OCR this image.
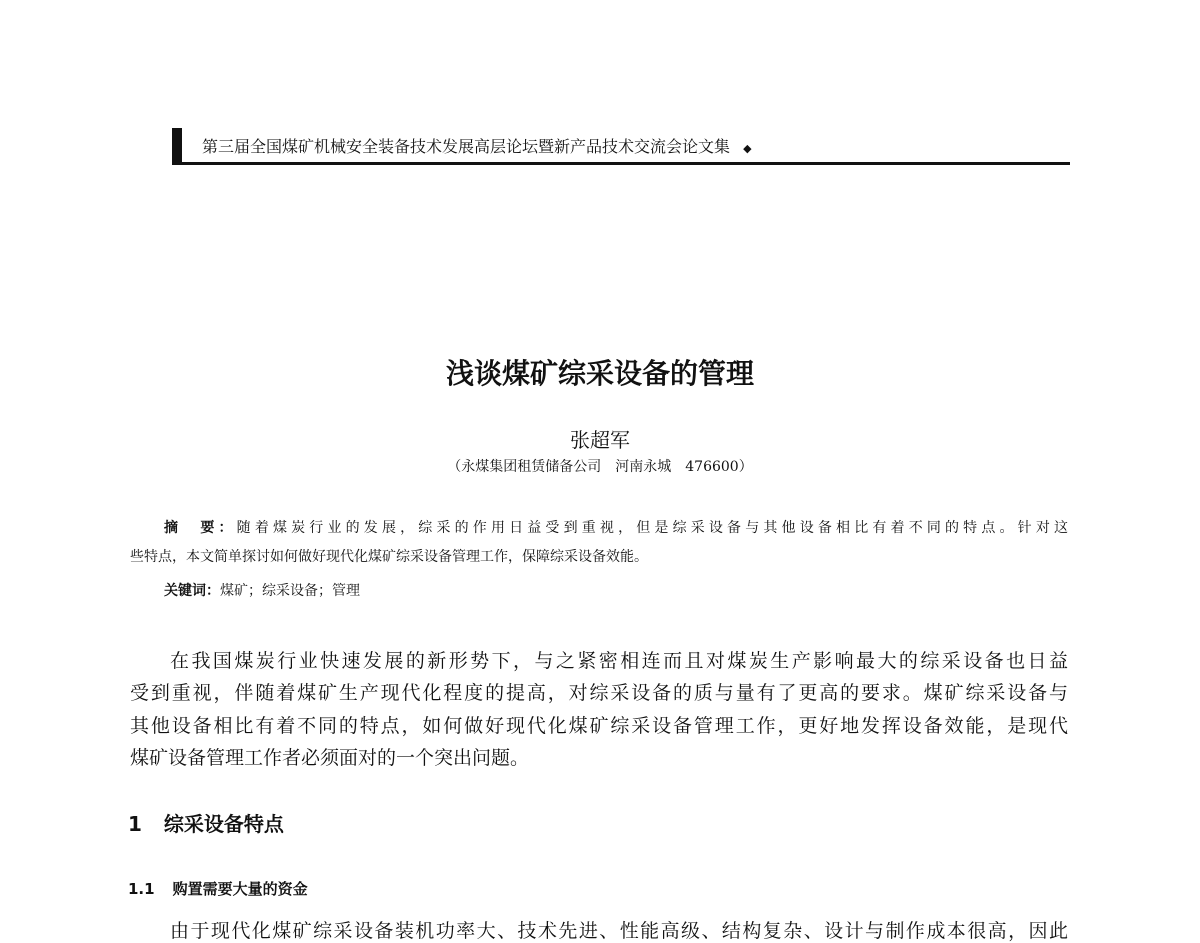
第三届全国煤矿机械安全装备技术发展高层论坛暨新产品技术交流会论文集 ◆
浅谈煤矿综采设备的管理
张超军
（永煤集团租赁储备公司　河南永城　476600）
摘　要：随着煤炭行业的发展，综采的作用日益受到重视，但是综采设备与其他设备相比有着不同的特点。针对这
些特点，本文简单探讨如何做好现代化煤矿综采设备管理工作，保障综采设备效能。
关键词：煤矿；综采设备；管理
在我国煤炭行业快速发展的新形势下，与之紧密相连而且对煤炭生产影响最大的综采设备也日益
受到重视，伴随着煤矿生产现代化程度的提高，对综采设备的质与量有了更高的要求。煤矿综采设备与
其他设备相比有着不同的特点，如何做好现代化煤矿综采设备管理工作，更好地发挥设备效能，是现代
煤矿设备管理工作者必须面对的一个突出问题。
1 综采设备特点
1.1 购置需要大量的资金
由于现代化煤矿综采设备装机功率大、技术先进、性能高级、结构复杂、设计与制作成本很高，因此
